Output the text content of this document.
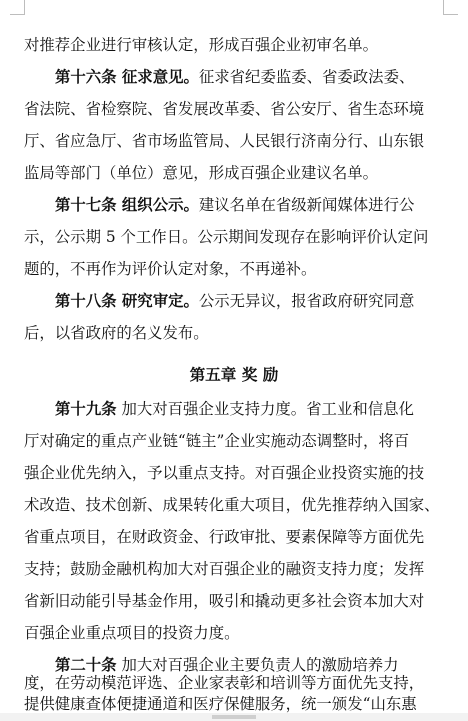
对推荐企业进行审核认定，形成百强企业初审名单。
第十六条 征求意见。征求省纪委监委、省委政法委、
省法院、省检察院、省发展改革委、省公安厅、省生态环境
厅、省应急厅、省市场监管局、人民银行济南分行、山东银
监局等部门（单位）意见，形成百强企业建议名单。
第十七条 组织公示。建议名单在省级新闻媒体进行公
示，公示期 5 个工作日。公示期间发现存在影响评价认定问
题的，不再作为评价认定对象，不再递补。
第十八条 研究审定。公示无异议，报省政府研究同意
后，以省政府的名义发布。
第五章 奖 励
第十九条 加大对百强企业支持力度。省工业和信息化
厅对确定的重点产业链“链主”企业实施动态调整时，将百
强企业优先纳入，予以重点支持。对百强企业投资实施的技
术改造、技术创新、成果转化重大项目，优先推荐纳入国家、
省重点项目，在财政资金、行政审批、要素保障等方面优先
支持；鼓励金融机构加大对百强企业的融资支持力度；发挥
省新旧动能引导基金作用，吸引和撬动更多社会资本加大对
百强企业重点项目的投资力度。
第二十条 加大对百强企业主要负责人的激励培养力
度，在劳动模范评选、企业家表彰和培训等方面优先支持，
提供健康查体便捷通道和医疗保健服务，统一颁发“山东惠
